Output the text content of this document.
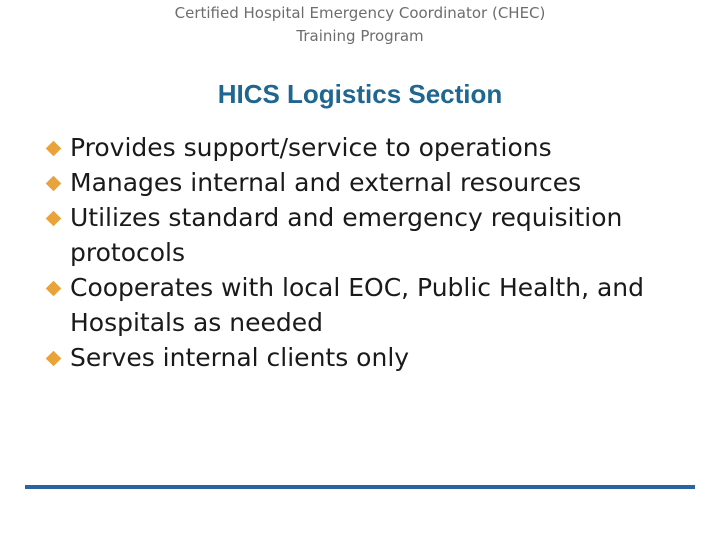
Certified Hospital Emergency Coordinator (CHEC)
Training Program
HICS Logistics Section
Provides support/service to operations
Manages internal and external resources
Utilizes standard and emergency requisition protocols
Cooperates with local EOC, Public Health, and Hospitals as needed
Serves internal clients only
